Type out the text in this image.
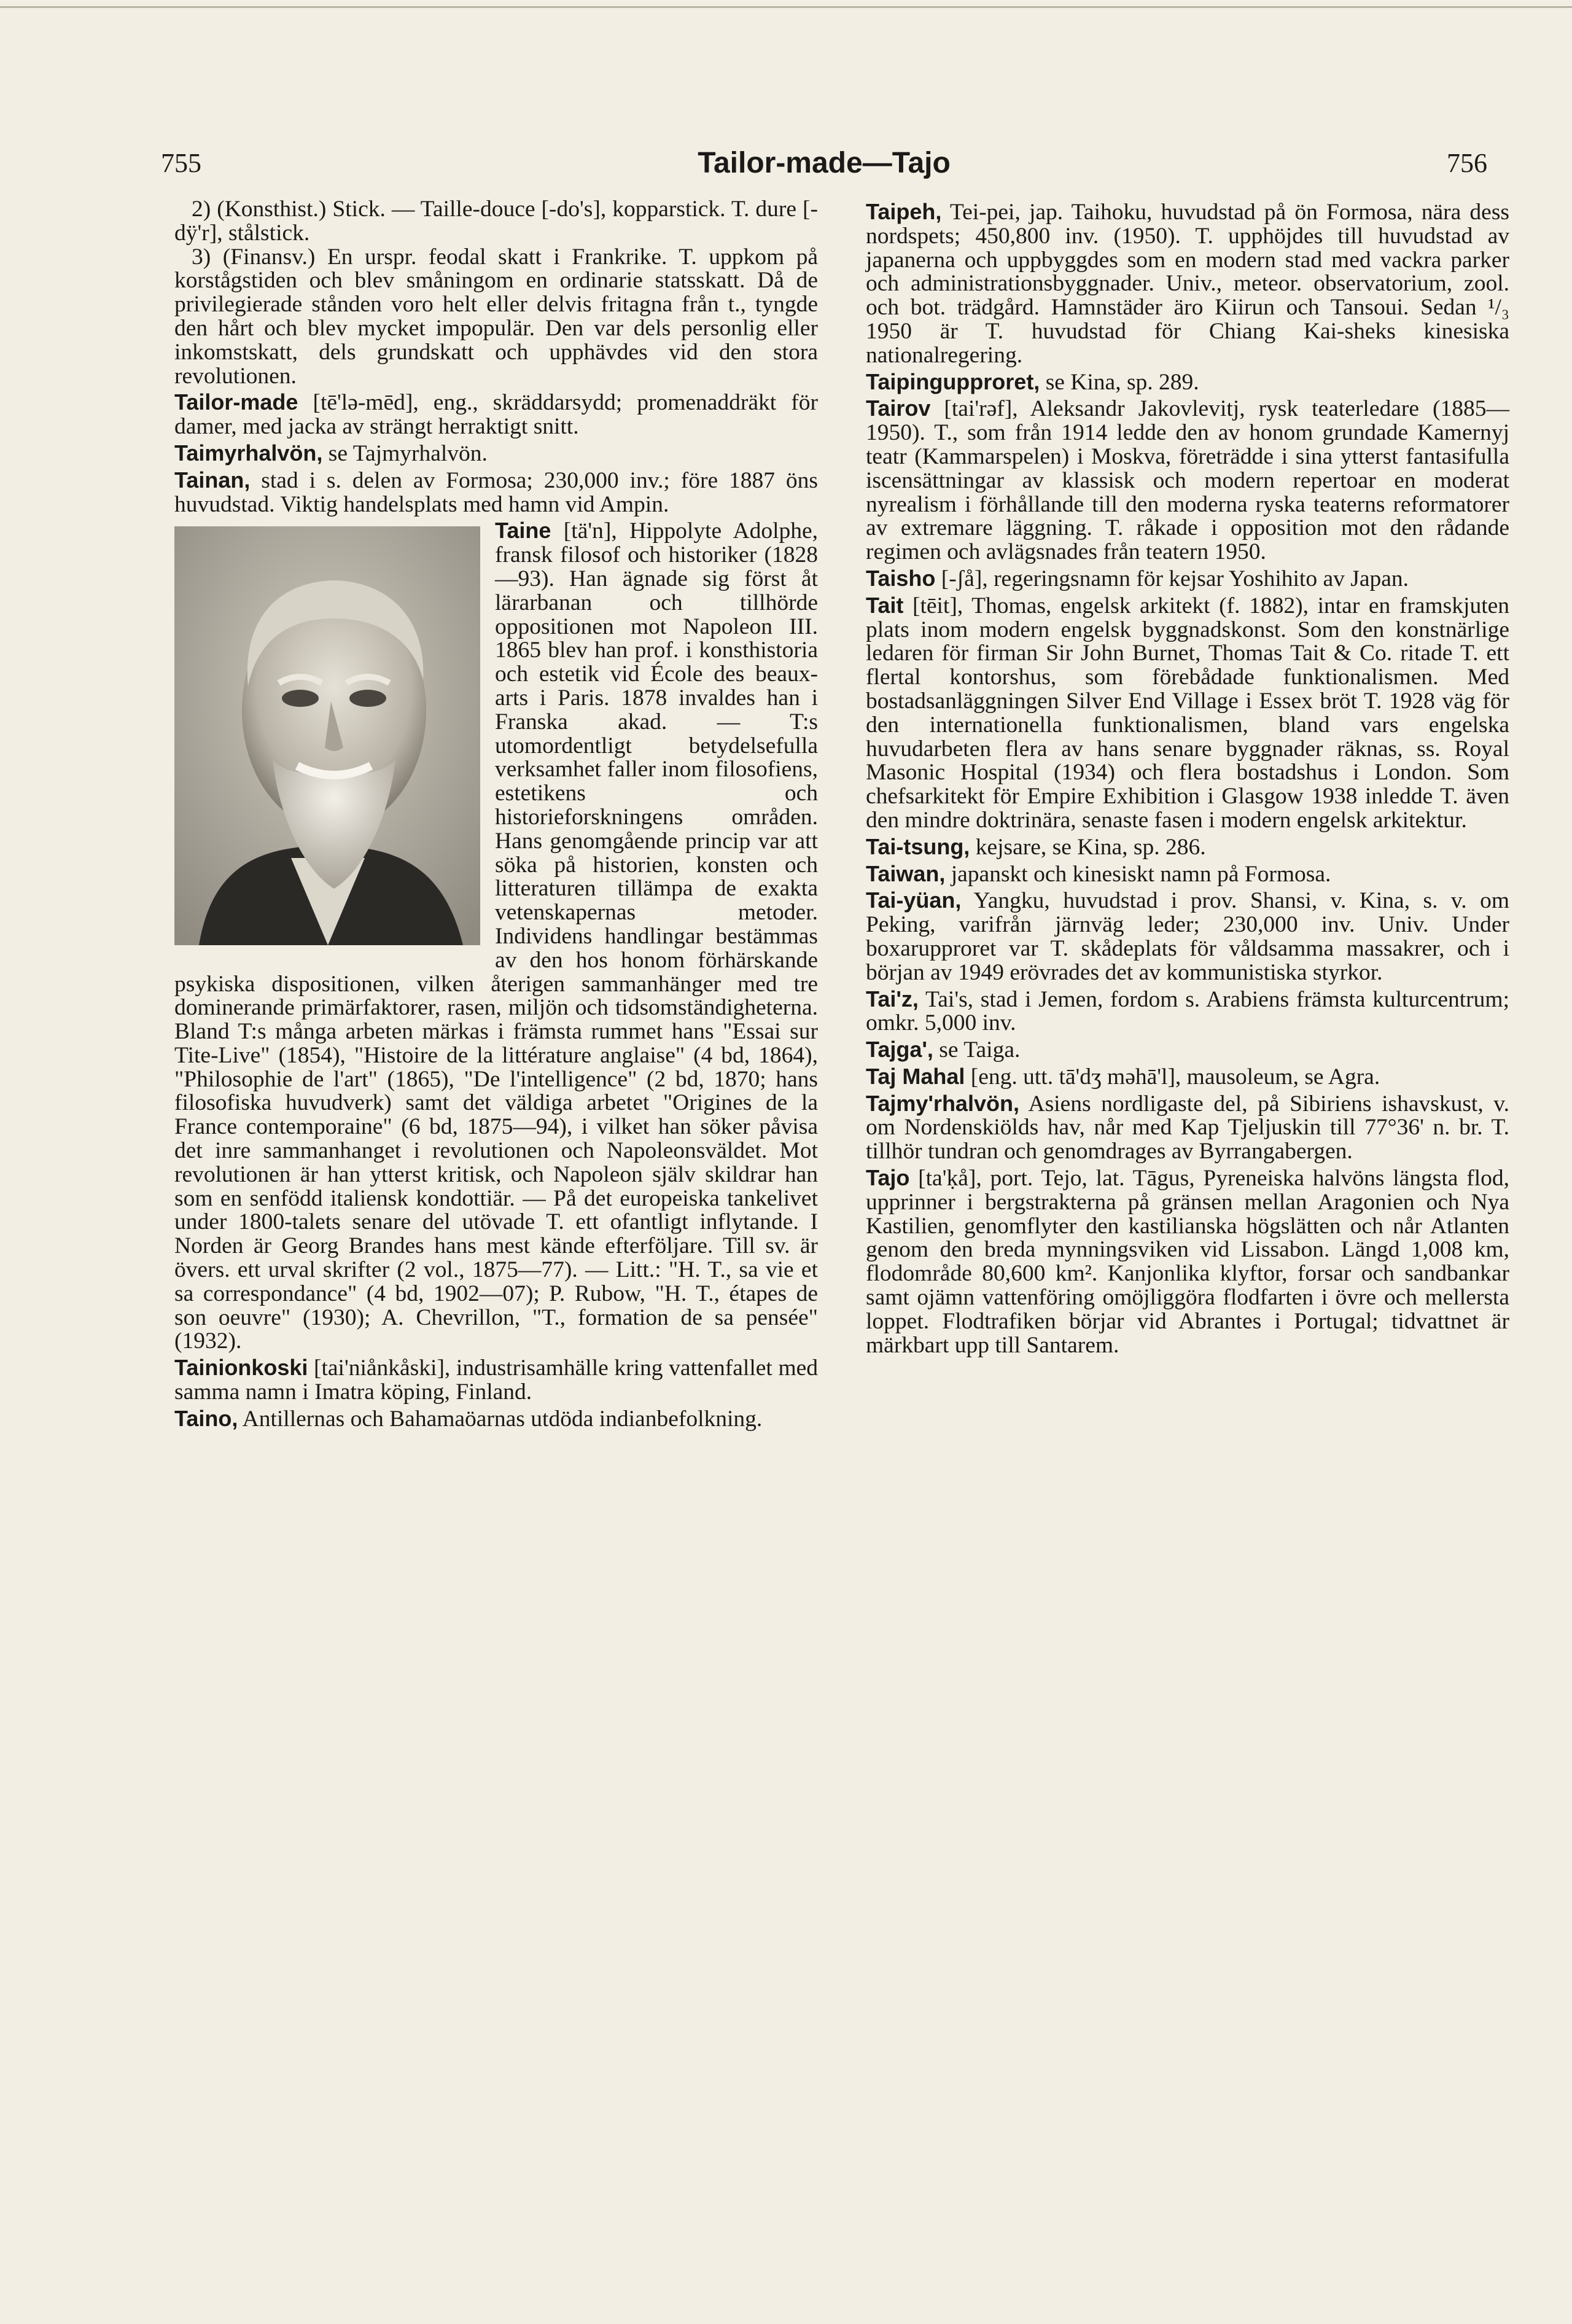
755	Tailor-made—Tajo	756

2) (Konsthist.) Stick. — Taille-douce [-do's], kopparstick. T. dure [-dÿ'r], stålstick.

3) (Finansv.) En urspr. feodal skatt i Frankrike. T. uppkom på korstågstiden och blev småningom en ordinarie statsskatt. Då de privilegierade stånden voro helt eller delvis fritagna från t., tyngde den hårt och blev mycket impopulär. Den var dels personlig eller inkomstskatt, dels grundskatt och upphävdes vid den stora revolutionen.

Tailor-made [tē'lə-mēd], eng., skräddarsydd; promenaddräkt för damer, med jacka av strängt herraktigt snitt.

Taimyrhalvön, se Tajmyrhalvön.

Tainan, stad i s. delen av Formosa; 230,000 inv.; före 1887 öns huvudstad. Viktig handelsplats med hamn vid Ampin.

Taine [tä'n], Hippolyte Adolphe, fransk filosof och historiker (1828—93). Han ägnade sig först åt lärarbanan och tillhörde oppositionen mot Napoleon III. 1865 blev han prof. i konsthistoria och estetik vid École des beaux-arts i Paris. 1878 invaldes han i Franska akad. — T:s utomordentligt betydelsefulla verksamhet faller inom filosofiens, estetikens och historieforskningens områden. Hans genomgående princip var att söka på historien, konsten och litteraturen tillämpa de exakta vetenskapernas metoder. Individens handlingar bestämmas av den hos honom förhärskande psykiska dispositionen, vilken återigen sammanhänger med tre dominerande primärfaktorer, rasen, miljön och tidsomständigheterna. Bland T:s många arbeten märkas i främsta rummet hans "Essai sur Tite-Live" (1854), "Histoire de la littérature anglaise" (4 bd, 1864), "Philosophie de l'art" (1865), "De l'intelligence" (2 bd, 1870; hans filosofiska huvudverk) samt det väldiga arbetet "Origines de la France contemporaine" (6 bd, 1875—94), i vilket han söker påvisa det inre sammanhanget i revolutionen och Napoleonsväldet. Mot revolutionen är han ytterst kritisk, och Napoleon själv skildrar han som en senfödd italiensk kondottiär. — På det europeiska tankelivet under 1800-talets senare del utövade T. ett ofantligt inflytande. I Norden är Georg Brandes hans mest kände efterföljare. Till sv. är övers. ett urval skrifter (2 vol., 1875—77). — Litt.: "H. T., sa vie et sa correspondance" (4 bd, 1902—07); P. Rubow, "H. T., étapes de son oeuvre" (1930); A. Chevrillon, "T., formation de sa pensée" (1932).

Tainionkoski [tai'niånkåski], industrisamhälle kring vattenfallet med samma namn i Imatra köping, Finland.

Taino, Antillernas och Bahamaöarnas utdöda indianbefolkning.

Taipeh, Tei-pei, jap. Taihoku, huvudstad på ön Formosa, nära dess nordspets; 450,800 inv. (1950). T. upphöjdes till huvudstad av japanerna och uppbyggdes som en modern stad med vackra parker och administrationsbyggnader. Univ., meteor. observatorium, zool. och bot. trädgård. Hamnstäder äro Kiirun och Tansoui. Sedan ¹/₃ 1950 är T. huvudstad för Chiang Kai-sheks kinesiska nationalregering.

Taipingupproret, se Kina, sp. 289.

Tairov [tai'rəf], Aleksandr Jakovlevitj, rysk teaterledare (1885—1950). T., som från 1914 ledde den av honom grundade Kamernyj teatr (Kammarspelen) i Moskva, företrädde i sina ytterst fantasifulla iscensättningar av klassisk och modern repertoar en moderat nyrealism i förhållande till den moderna ryska teaterns reformatorer av extremare läggning. T. råkade i opposition mot den rådande regimen och avlägsnades från teatern 1950.

Taisho [-ʃå], regeringsnamn för kejsar Yoshihito av Japan.

Tait [tēit], Thomas, engelsk arkitekt (f. 1882), intar en framskjuten plats inom modern engelsk byggnadskonst. Som den konstnärlige ledaren för firman Sir John Burnet, Thomas Tait & Co. ritade T. ett flertal kontorshus, som förebådade funktionalismen. Med bostadsanläggningen Silver End Village i Essex bröt T. 1928 väg för den internationella funktionalismen, bland vars engelska huvudarbeten flera av hans senare byggnader räknas, ss. Royal Masonic Hospital (1934) och flera bostadshus i London. Som chefsarkitekt för Empire Exhibition i Glasgow 1938 inledde T. även den mindre doktrinära, senaste fasen i modern engelsk arkitektur.

Tai-tsung, kejsare, se Kina, sp. 286.

Taiwan, japanskt och kinesiskt namn på Formosa.

Tai-yüan, Yangku, huvudstad i prov. Shansi, v. Kina, s. v. om Peking, varifrån järnväg leder; 230,000 inv. Univ. Under boxarupproret var T. skådeplats för våldsamma massakrer, och i början av 1949 erövrades det av kommunistiska styrkor.

Tai'z, Tai's, stad i Jemen, fordom s. Arabiens främsta kulturcentrum; omkr. 5,000 inv.

Tajga', se Taiga.

Taj Mahal [eng. utt. tā'dʒ məhā'l], mausoleum, se Agra.

Tajmy'rhalvön, Asiens nordligaste del, på Sibiriens ishavskust, v. om Nordenskiölds hav, når med Kap Tjeljuskin till 77°36' n. br. T. tillhör tundran och genomdrages av Byrrangabergen.

Tajo [ta'ḳå], port. Tejo, lat. Tāgus, Pyreneiska halvöns längsta flod, upprinner i bergstrakterna på gränsen mellan Aragonien och Nya Kastilien, genomflyter den kastilianska högslätten och når Atlanten genom den breda mynningsviken vid Lissabon. Längd 1,008 km, flodområde 80,600 km². Kanjonlika klyftor, forsar och sandbankar samt ojämn vattenföring omöjliggöra flodfarten i övre och mellersta loppet. Flodtrafiken börjar vid Abrantes i Portugal; tidvattnet är märkbart upp till Santarem.
